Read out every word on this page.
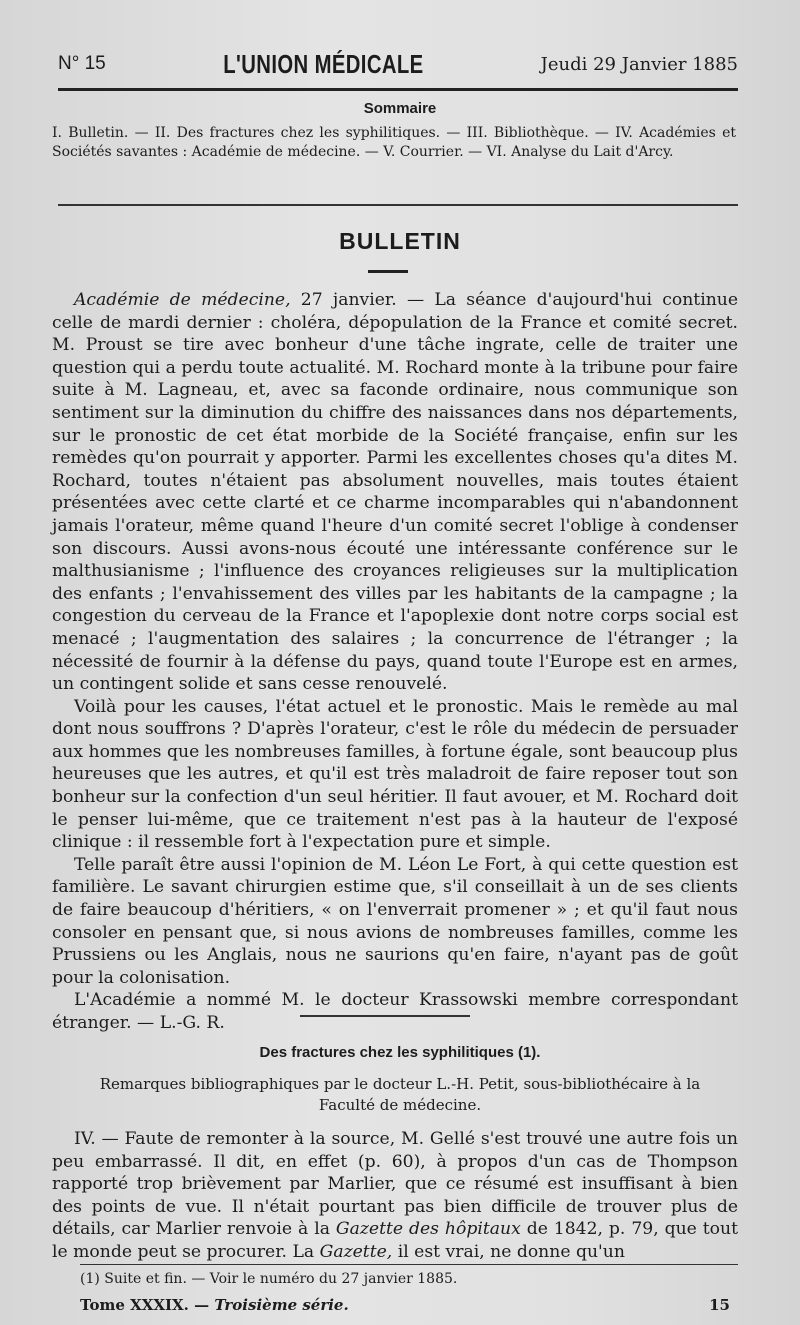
N° 15	L'UNION MÉDICALE	Jeudi 29 Janvier 1885
Sommaire
I. Bulletin. — II. Des fractures chez les syphilitiques. — III. Bibliothèque. — IV. Académies et Sociétés savantes : Académie de médecine. — V. Courrier. — VI. Analyse du Lait d'Arcy.
BULLETIN

Académie de médecine, 27 janvier. — La séance d'aujourd'hui continue celle de mardi dernier : choléra, dépopulation de la France et comité secret. M. Proust se tire avec bonheur d'une tâche ingrate, celle de traiter une question qui a perdu toute actualité. M. Rochard monte à la tribune pour faire suite à M. Lagneau, et, avec sa faconde ordinaire, nous communique son sentiment sur la diminution du chiffre des naissances dans nos départements, sur le pronostic de cet état morbide de la Société française, enfin sur les remèdes qu'on pourrait y apporter. Parmi les excellentes choses qu'a dites M. Rochard, toutes n'étaient pas absolument nouvelles, mais toutes étaient présentées avec cette clarté et ce charme incomparables qui n'abandonnent jamais l'orateur, même quand l'heure d'un comité secret l'oblige à condenser son discours. Aussi avons-nous écouté une intéressante conférence sur le malthusianisme ; l'influence des croyances religieuses sur la multiplication des enfants ; l'envahissement des villes par les habitants de la campagne ; la congestion du cerveau de la France et l'apoplexie dont notre corps social est menacé ; l'augmentation des salaires ; la concurrence de l'étranger ; la nécessité de fournir à la défense du pays, quand toute l'Europe est en armes, un contingent solide et sans cesse renouvelé.

Voilà pour les causes, l'état actuel et le pronostic. Mais le remède au mal dont nous souffrons ? D'après l'orateur, c'est le rôle du médecin de persuader aux hommes que les nombreuses familles, à fortune égale, sont beaucoup plus heureuses que les autres, et qu'il est très maladroit de faire reposer tout son bonheur sur la confection d'un seul héritier. Il faut avouer, et M. Rochard doit le penser lui-même, que ce traitement n'est pas à la hauteur de l'exposé clinique : il ressemble fort à l'expectation pure et simple.

Telle paraît être aussi l'opinion de M. Léon Le Fort, à qui cette question est familière. Le savant chirurgien estime que, s'il conseillait à un de ses clients de faire beaucoup d'héritiers, « on l'enverrait promener » ; et qu'il faut nous consoler en pensant que, si nous avions de nombreuses familles, comme les Prussiens ou les Anglais, nous ne saurions qu'en faire, n'ayant pas de goût pour la colonisation.

L'Académie a nommé M. le docteur Krassowski membre correspondant étranger. — L.-G. R.

Des fractures chez les syphilitiques (1).
Remarques bibliographiques par le docteur L.-H. Petit, sous-bibliothécaire à la Faculté de médecine.

IV. — Faute de remonter à la source, M. Gellé s'est trouvé une autre fois un peu embarrassé. Il dit, en effet (p. 60), à propos d'un cas de Thompson rapporté trop brièvement par Marlier, que ce résumé est insuffisant à bien des points de vue. Il n'était pourtant pas bien difficile de trouver plus de détails, car Marlier renvoie à la Gazette des hôpitaux de 1842, p. 79, que tout le monde peut se procurer. La Gazette, il est vrai, ne donne qu'un

(1) Suite et fin. — Voir le numéro du 27 janvier 1885.
Tome XXXIX. — Troisième série.	15
